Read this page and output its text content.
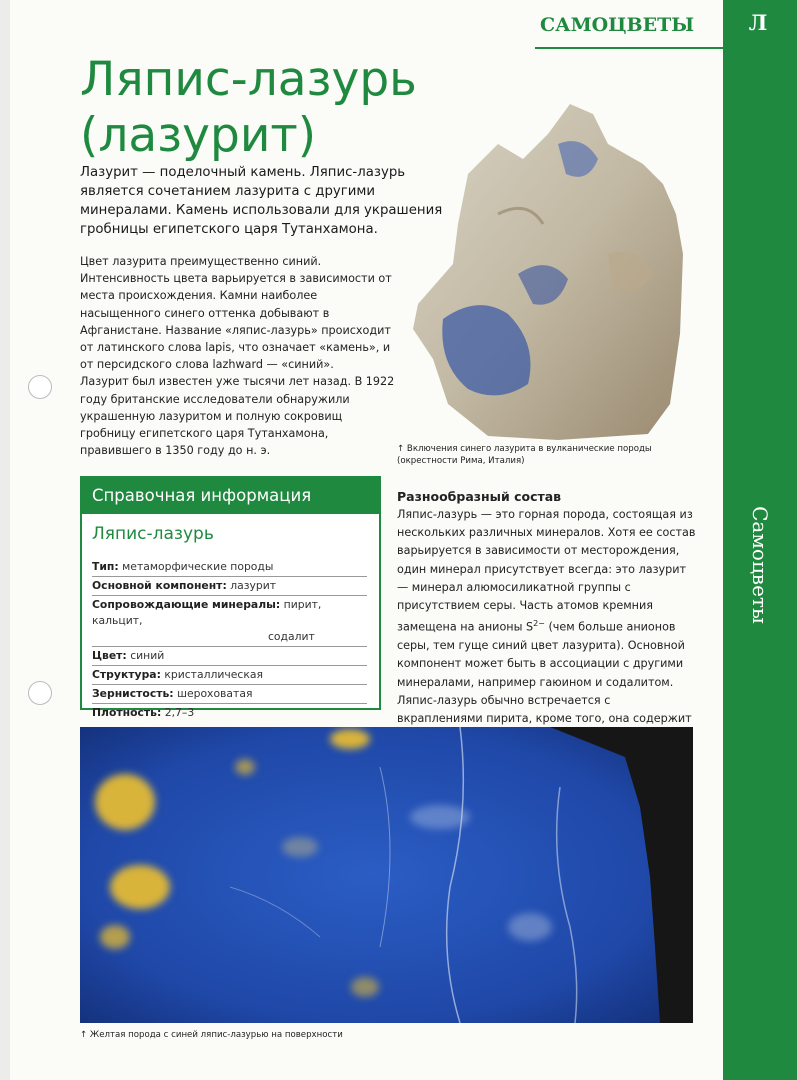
Л
Самоцветы
САМОЦВЕТЫ
Ляпис-лазурь
(лазурит)
Лазурит — поделочный камень. Ляпис-лазурь является сочетанием лазурита с другими минералами. Камень использовали для украшения гробницы египетского царя Тутанхамона.

Цвет лазурита преимущественно синий. Интенсивность цвета варьируется в зависимости от места происхождения. Камни наиболее насыщенного синего оттенка добывают в Афганистане. Название «ляпис-лазурь» происходит от латинского слова lapis, что означает «камень», и от персидского слова lazhward — «синий».

Лазурит был известен уже тысячи лет назад. В 1922 году британские исследователи обнаружили украшенную лазуритом и полную сокровищ гробницу египетского царя Тутанхамона, правившего в 1350 году до н. э.	↑ Включения синего лазурита в вулканические породы (окрестности Рима, Италия)
Справочная информация
Ляпис-лазурь
Тип: метаморфические породы
Основной компонент: лазурит
Сопровождающие минералы: пирит, кальцит,
содалит
Цвет: синий
Структура: кристаллическая
Зернистость: шероховатая
Плотность: 2,7–3
Разнообразный состав
Ляпис-лазурь — это горная порода, состоящая из нескольких различных минералов. Хотя ее состав варьируется в зависимости от месторождения, один минерал присутствует всегда: это лазурит — минерал алюмосиликатной группы с присутствием серы. Часть атомов кремния замещена на анионы $S^{2-}$ (чем больше анионов серы, тем гуще синий цвет лазурита). Основной компонент может быть в ассоциации с другими минералами, например гаюином и содалитом. Ляпис-лазурь обычно встречается с вкраплениями пирита, кроме того, она содержит
↑ Желтая порода с синей ляпис-лазурью на поверхности
